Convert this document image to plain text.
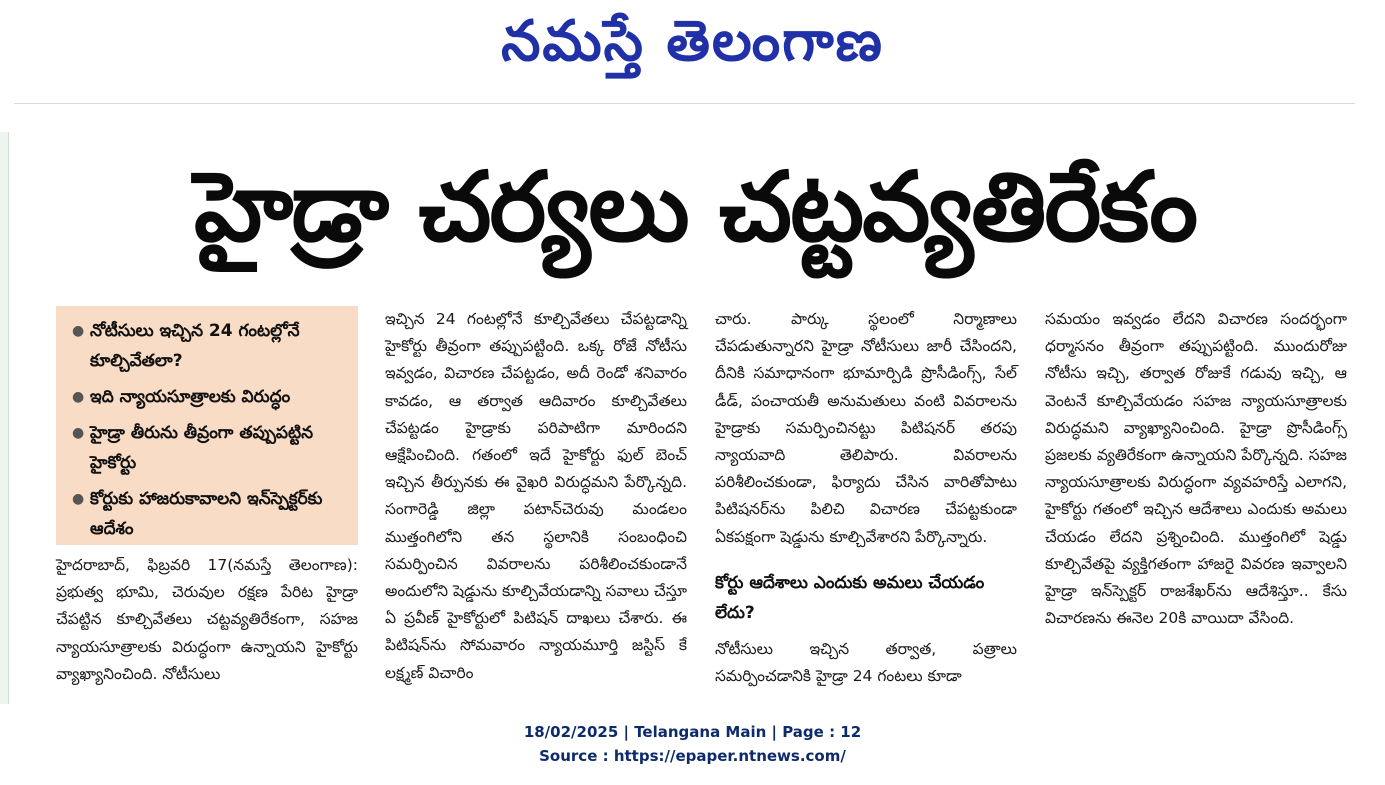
నమస్తే తెలంగాణ
హైడ్రా చర్యలు చట్టవ్యతిరేకం
● నోటీసులు ఇచ్చిన 24 గంటల్లోనే కూల్చివేతలా?
● ఇది న్యాయసూత్రాలకు విరుద్ధం
● హైడ్రా తీరును తీవ్రంగా తప్పుపట్టిన హైకోర్టు
● కోర్టుకు హాజరుకావాలని ఇన్‌స్పెక్టర్‌కు ఆదేశం

హైదరాబాద్, ఫిబ్రవరి 17(నమస్తే తెలంగాణ): ప్రభుత్వ భూమి, చెరువుల రక్షణ పేరిట హైడ్రా చేపట్టిన కూల్చివేతలు చట్టవ్యతిరేకంగా, సహజ న్యాయసూత్రాలకు విరుద్ధంగా ఉన్నాయని హైకోర్టు వ్యాఖ్యానించింది. నోటీసులు

ఇచ్చిన 24 గంటల్లోనే కూల్చివేతలు చేపట్టడాన్ని హైకోర్టు తీవ్రంగా తప్పుపట్టింది. ఒక్క రోజే నోటీసు ఇవ్వడం, విచారణ చేపట్టడం, అదీ రెండో శనివారం కావడం, ఆ తర్వాత ఆదివారం కూల్చివేతలు చేపట్టడం హైడ్రాకు పరిపాటిగా మారిందని ఆక్షేపించింది. గతంలో ఇదే హైకోర్టు ఫుల్ బెంచ్ ఇచ్చిన తీర్పునకు ఈ వైఖరి విరుద్ధమని పేర్కొన్నది. సంగారెడ్డి జిల్లా పటాన్‌చెరువు మండలం ముత్తంగిలోని తన స్థలానికి సంబంధించి సమర్పించిన వివరాలను పరిశీలించకుండానే అందులోని షెడ్డును కూల్చివేయడాన్ని సవాలు చేస్తూ ఏ ప్రవీణ్ హైకోర్టులో పిటిషన్ దాఖలు చేశారు. ఈ పిటిషన్‌ను సోమవారం న్యాయమూర్తి జస్టిస్ కే లక్ష్మణ్ విచారిం

చారు. పార్కు స్థలంలో నిర్మాణాలు చేపడుతున్నారని హైడ్రా నోటీసులు జారీ చేసిందని, దీనికి సమాధానంగా భూమార్పిడి ప్రొసీడింగ్స్, సేల్ డీడ్, పంచాయతీ అనుమతులు వంటి వివరాలను హైడ్రాకు సమర్పించినట్టు పిటిషనర్ తరపు న్యాయవాది తెలిపారు. వివరాలను పరిశీలించకుండా, ఫిర్యాదు చేసిన వారితోపాటు పిటిషనర్‌ను పిలిచి విచారణ చేపట్టకుండా ఏకపక్షంగా షెడ్డును కూల్చివేశారని పేర్కొన్నారు.

కోర్టు ఆదేశాలు ఎందుకు అమలు చేయడం లేదు?

నోటీసులు ఇచ్చిన తర్వాత, పత్రాలు సమర్పించడానికి హైడ్రా 24 గంటలు కూడా

సమయం ఇవ్వడం లేదని విచారణ సందర్భంగా ధర్మాసనం తీవ్రంగా తప్పుపట్టింది. ముందురోజు నోటీసు ఇచ్చి, తర్వాత రోజుకే గడువు ఇచ్చి, ఆ వెంటనే కూల్చివేయడం సహజ న్యాయసూత్రాలకు విరుద్ధమని వ్యాఖ్యానించింది. హైడ్రా ప్రొసీడింగ్స్ ప్రజలకు వ్యతిరేకంగా ఉన్నాయని పేర్కొన్నది. సహజ న్యాయసూత్రాలకు విరుద్ధంగా వ్యవహరిస్తే ఎలాగని, హైకోర్టు గతంలో ఇచ్చిన ఆదేశాలు ఎందుకు అమలు చేయడం లేదని ప్రశ్నించింది. ముత్తంగిలో షెడ్డు కూల్చివేతపై వ్యక్తిగతంగా హాజరై వివరణ ఇవ్వాలని హైడ్రా ఇన్‌స్పెక్టర్ రాజశేఖర్‌ను ఆదేశిస్తూ.. కేసు విచారణను ఈనెల 20కి వాయిదా వేసింది.

18/02/2025 | Telangana Main | Page : 12
Source : https://epaper.ntnews.com/
